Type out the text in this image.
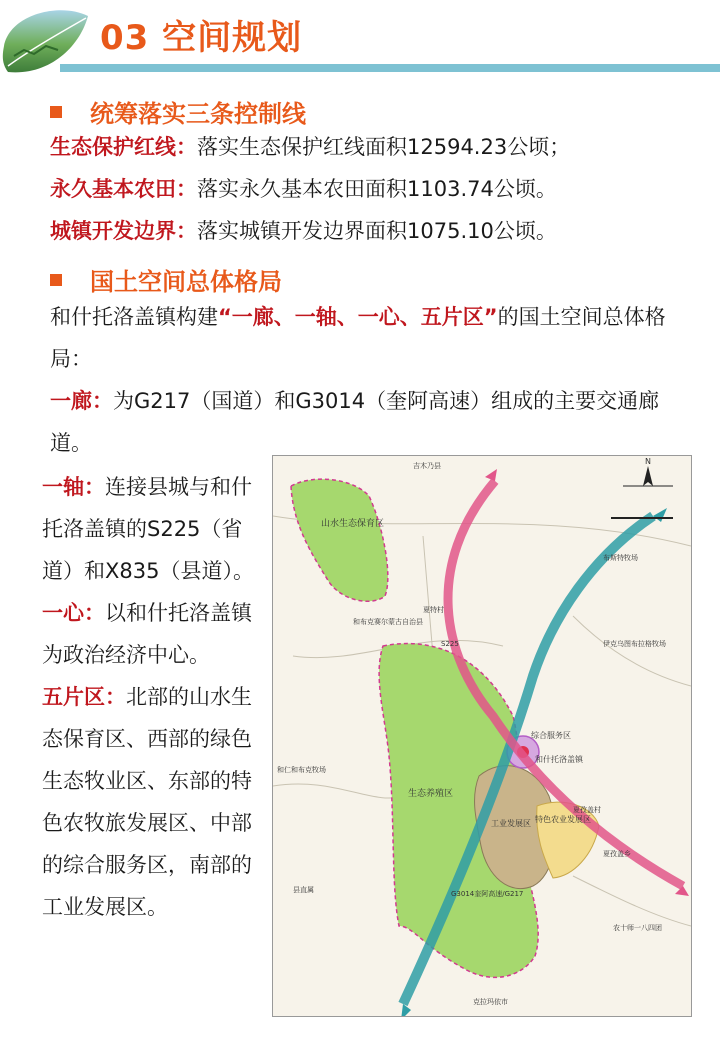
03 空间规划
统筹落实三条控制线
生态保护红线：落实生态保护红线面积12594.23公顷；
永久基本农田：落实永久基本农田面积1103.74公顷。
城镇开发边界：落实城镇开发边界面积1075.10公顷。
国土空间总体格局
和什托洛盖镇构建“一廊、一轴、一心、五片区”的国土空间总体格局：
一廊：为G217（国道）和G3014（奎阿高速）组成的主要交通廊道。
一轴：连接县城与和什托洛盖镇的S225（省道）和X835（县道）。
一心：以和什托洛盖镇为政治经济中心。
五片区：北部的山水生态保育区、西部的绿色生态牧业区、东部的特色农牧旅发展区、中部的综合服务区，南部的工业发展区。
N
山水生态保育区
生态养殖区
综合服务区
工业发展区 特色农业发展区
和什托洛盖镇
G3014奎阿高速/G217
S225
吉木乃县
和布克赛尔蒙古自治县
夏特村
布斯特牧场
伊克乌图布拉格牧场
夏孜盖乡
和仁和布克牧场
县直属
克拉玛依市
农十师一八四团
夏孜盖村
